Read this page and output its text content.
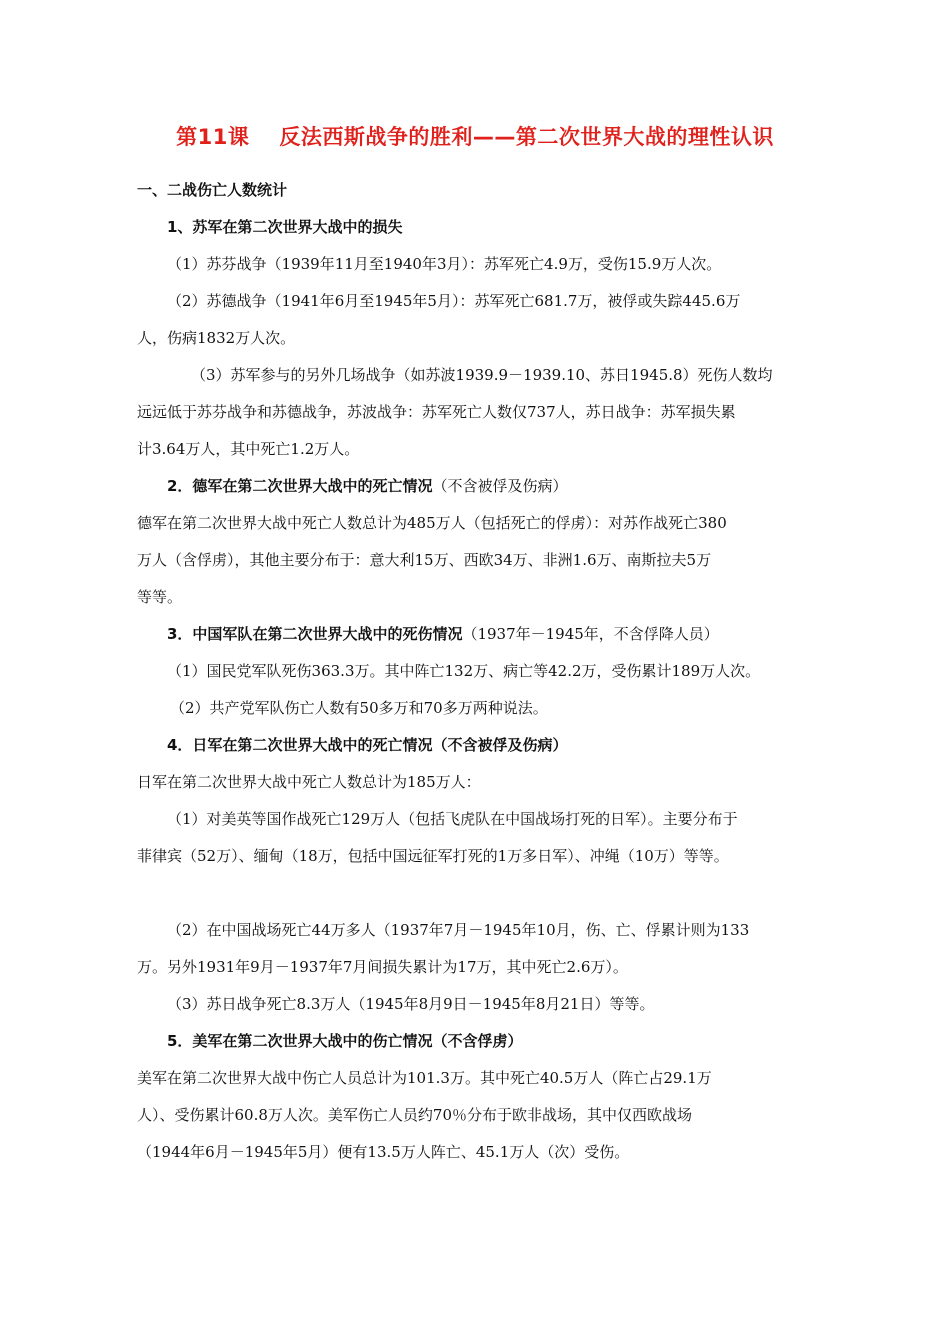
第11课 反法西斯战争的胜利——第二次世界大战的理性认识

一、二战伤亡人数统计

1、苏军在第二次世界大战中的损失

（1）苏芬战争（1939年11月至1940年3月）：苏军死亡4.9万，受伤15.9万人次。

（2）苏德战争（1941年6月至1945年5月）：苏军死亡681.7万，被俘或失踪445.6万

人，伤病1832万人次。

（3）苏军参与的另外几场战争（如苏波1939.9－1939.10、苏日1945.8）死伤人数均

远远低于苏芬战争和苏德战争，苏波战争：苏军死亡人数仅737人，苏日战争：苏军损失累

计3.64万人，其中死亡1.2万人。

2．德军在第二次世界大战中的死亡情况（不含被俘及伤病）

德军在第二次世界大战中死亡人数总计为485万人（包括死亡的俘虏）：对苏作战死亡380

万人（含俘虏），其他主要分布于：意大利15万、西欧34万、非洲1.6万、南斯拉夫5万

等等。

3．中国军队在第二次世界大战中的死伤情况（1937年－1945年，不含俘降人员）

（1）国民党军队死伤363.3万。其中阵亡132万、病亡等42.2万，受伤累计189万人次。

（2）共产党军队伤亡人数有50多万和70多万两种说法。

4．日军在第二次世界大战中的死亡情况（不含被俘及伤病）

日军在第二次世界大战中死亡人数总计为185万人：

（1）对美英等国作战死亡129万人（包括飞虎队在中国战场打死的日军）。主要分布于

菲律宾（52万）、缅甸（18万，包括中国远征军打死的1万多日军）、冲绳（10万）等等。

（2）在中国战场死亡44万多人（1937年7月－1945年10月，伤、亡、俘累计则为133

万。另外1931年9月－1937年7月间损失累计为17万，其中死亡2.6万）。

（3）苏日战争死亡8.3万人（1945年8月9日－1945年8月21日）等等。

5．美军在第二次世界大战中的伤亡情况（不含俘虏）

美军在第二次世界大战中伤亡人员总计为101.3万。其中死亡40.5万人（阵亡占29.1万

人）、受伤累计60.8万人次。美军伤亡人员约70％分布于欧非战场，其中仅西欧战场

（1944年6月－1945年5月）便有13.5万人阵亡、45.1万人（次）受伤。
